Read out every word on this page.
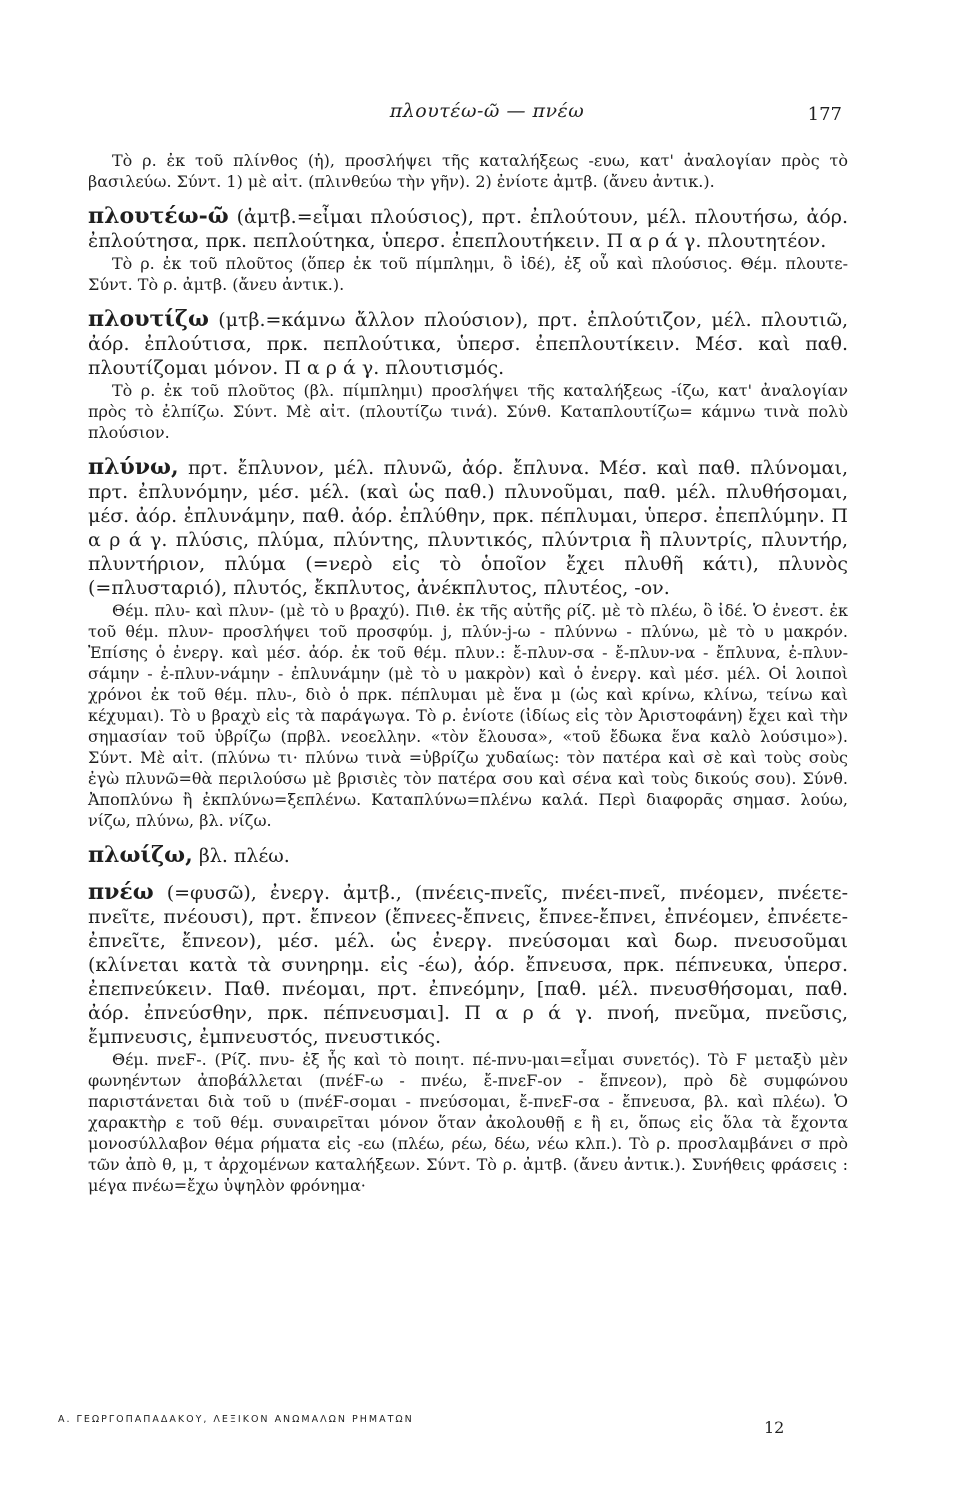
πλουτέω-ῶ — πνέω	177

Τὸ ρ. ἐκ τοῦ πλίνθος (ἡ), προσλήψει τῆς καταλήξεως -ευω, κατ' ἀναλογίαν πρὸς τὸ βασιλεύω. Σύντ. 1) μὲ αἰτ. (πλινθεύω τὴν γῆν). 2) ἐνίοτε ἀμτβ. (ἄνευ ἀντικ.).

πλουτέω-ῶ (ἀμτβ.=εἶμαι πλούσιος), πρτ. ἐπλούτουν, μέλ. πλουτήσω, ἀόρ. ἐπλούτησα, πρκ. πεπλούτηκα, ὑπερσ. ἐπεπλουτήκειν. Π α ρ ά γ. πλουτητέον.

Τὸ ρ. ἐκ τοῦ πλοῦτος (ὅπερ ἐκ τοῦ πίμπλημι, ὃ ἰδέ), ἐξ οὗ καὶ πλούσιος. Θέμ. πλουτε- Σύντ. Τὸ ρ. ἀμτβ. (ἄνευ ἀντικ.).

πλουτίζω (μτβ.=κάμνω ἄλλον πλούσιον), πρτ. ἐπλούτιζον, μέλ. πλουτιῶ, ἀόρ. ἐπλούτισα, πρκ. πεπλούτικα, ὑπερσ. ἐπεπλουτίκειν. Μέσ. καὶ παθ. πλουτίζομαι μόνον. Π α ρ ά γ. πλουτισμός.

Τὸ ρ. ἐκ τοῦ πλοῦτος (βλ. πίμπλημι) προσλήψει τῆς καταλήξεως -ίζω, κατ' ἀναλογίαν πρὸς τὸ ἐλπίζω. Σύντ. Μὲ αἰτ. (πλουτίζω τινά). Σύνθ. Καταπλουτίζω= κάμνω τινὰ πολὺ πλούσιον.

πλύνω, πρτ. ἔπλυνον, μέλ. πλυνῶ, ἀόρ. ἔπλυνα. Μέσ. καὶ παθ. πλύνομαι, πρτ. ἐπλυνόμην, μέσ. μέλ. (καὶ ὡς παθ.) πλυνοῦμαι, παθ. μέλ. πλυθήσομαι, μέσ. ἀόρ. ἐπλυνάμην, παθ. ἀόρ. ἐπλύθην, πρκ. πέπλυμαι, ὑπερσ. ἐπεπλύμην. Π α ρ ά γ. πλύσις, πλύμα, πλύντης, πλυντικός, πλύντρια ἢ πλυντρίς, πλυντήρ, πλυντήριον, πλύμα (=νερὸ εἰς τὸ ὁποῖον ἔχει πλυθῆ κάτι), πλυνὸς (=πλυσταριό), πλυτός, ἔκπλυτος, ἀνέκπλυτος, πλυτέος, -ον.

Θέμ. πλυ- καὶ πλυν- (μὲ τὸ υ βραχύ). Πιθ. ἐκ τῆς αὐτῆς ρίζ. μὲ τὸ πλέω, ὃ ἰδέ. Ὁ ἐνεστ. ἐκ τοῦ θέμ. πλυν- προσλήψει τοῦ προσφύμ. j, πλύν-j-ω - πλύννω - πλύνω, μὲ τὸ υ μακρόν. Ἐπίσης ὁ ἐνεργ. καὶ μέσ. ἀόρ. ἐκ τοῦ θέμ. πλυν.: ἔ-πλυν-σα - ἔ-πλυν-να - ἔπλυνα, ἐ-πλυν-σάμην - ἐ-πλυν-νάμην - ἐπλυνάμην (μὲ τὸ υ μακρὸν) καὶ ὁ ἐνεργ. καὶ μέσ. μέλ. Οἱ λοιποὶ χρόνοι ἐκ τοῦ θέμ. πλυ-, διὸ ὁ πρκ. πέπλυμαι μὲ ἕνα μ (ὡς καὶ κρίνω, κλίνω, τείνω καὶ κέχυμαι). Τὸ υ βραχὺ εἰς τὰ παράγωγα. Τὸ ρ. ἐνίοτε (ἰδίως εἰς τὸν Ἀριστοφάνη) ἔχει καὶ τὴν σημασίαν τοῦ ὑβρίζω (πρβλ. νεοελλην. «τὸν ἔλουσα», «τοῦ ἔδωκα ἕνα καλὸ λούσιμο»). Σύντ. Μὲ αἰτ. (πλύνω τι· πλύνω τινὰ =ὑβρίζω χυδαίως: τὸν πατέρα καὶ σὲ καὶ τοὺς σοὺς ἐγὼ πλυνῶ=θὰ περιλούσω μὲ βρισιὲς τὸν πατέρα σου καὶ σένα καὶ τοὺς δικούς σου). Σύνθ. Ἀποπλύνω ἢ ἐκπλύνω=ξεπλένω. Καταπλύνω=πλένω καλά. Περὶ διαφορᾶς σημασ. λούω, νίζω, πλύνω, βλ. νίζω.

πλωίζω, βλ. πλέω.

πνέω (=φυσῶ), ἐνεργ. ἀμτβ., (πνέεις-πνεῖς, πνέει-πνεῖ, πνέομεν, πνέετε-πνεῖτε, πνέουσι), πρτ. ἔπνεον (ἔπνεες-ἔπνεις, ἔπνεε-ἔπνει, ἐπνέομεν, ἐπνέετε-ἐπνεῖτε, ἔπνεον), μέσ. μέλ. ὡς ἐνεργ. πνεύσομαι καὶ δωρ. πνευσοῦμαι (κλίνεται κατὰ τὰ συνηρημ. εἰς -έω), ἀόρ. ἔπνευσα, πρκ. πέπνευκα, ὑπερσ. ἐπεπνεύκειν. Παθ. πνέομαι, πρτ. ἐπνεόμην, [παθ. μέλ. πνευσθήσομαι, παθ. ἀόρ. ἐπνεύσθην, πρκ. πέπνευσμαι]. Π α ρ ά γ. πνοή, πνεῦμα, πνεῦσις, ἔμπνευσις, ἐμπνευστός, πνευστικός.

Θέμ. πνεϜ-. (Ρίζ. πνυ- ἐξ ἧς καὶ τὸ ποιητ. πέ-πνυ-μαι=εἶμαι συνετός). Τὸ Ϝ μεταξὺ μὲν φωνηέντων ἀποβάλλεται (πνέϜ-ω - πνέω, ἔ-πνεϜ-ον - ἔπνεον), πρὸ δὲ συμφώνου παριστάνεται διὰ τοῦ υ (πνέϜ-σομαι - πνεύσομαι, ἔ-πνεϜ-σα - ἔπνευσα, βλ. καὶ πλέω). Ὁ χαρακτὴρ ε τοῦ θέμ. συναιρεῖται μόνον ὅταν ἀκολουθῇ ε ἢ ει, ὅπως εἰς ὅλα τὰ ἔχοντα μονοσύλλαβον θέμα ρήματα εἰς -εω (πλέω, ρέω, δέω, νέω κλπ.). Τὸ ρ. προσλαμβάνει σ πρὸ τῶν ἀπὸ θ, μ, τ ἀρχομένων καταλήξεων. Σύντ. Τὸ ρ. ἀμτβ. (ἄνευ ἀντικ.). Συνήθεις φράσεις : μέγα πνέω=ἔχω ὑψηλὸν φρόνημα·

Α. ΓΕΩΡΓΟΠΑΠΑΔΑΚΟΥ, ΛΕΞΙΚΟΝ ΑΝΩΜΑΛΩΝ ΡΗΜΑΤΩΝ	12
